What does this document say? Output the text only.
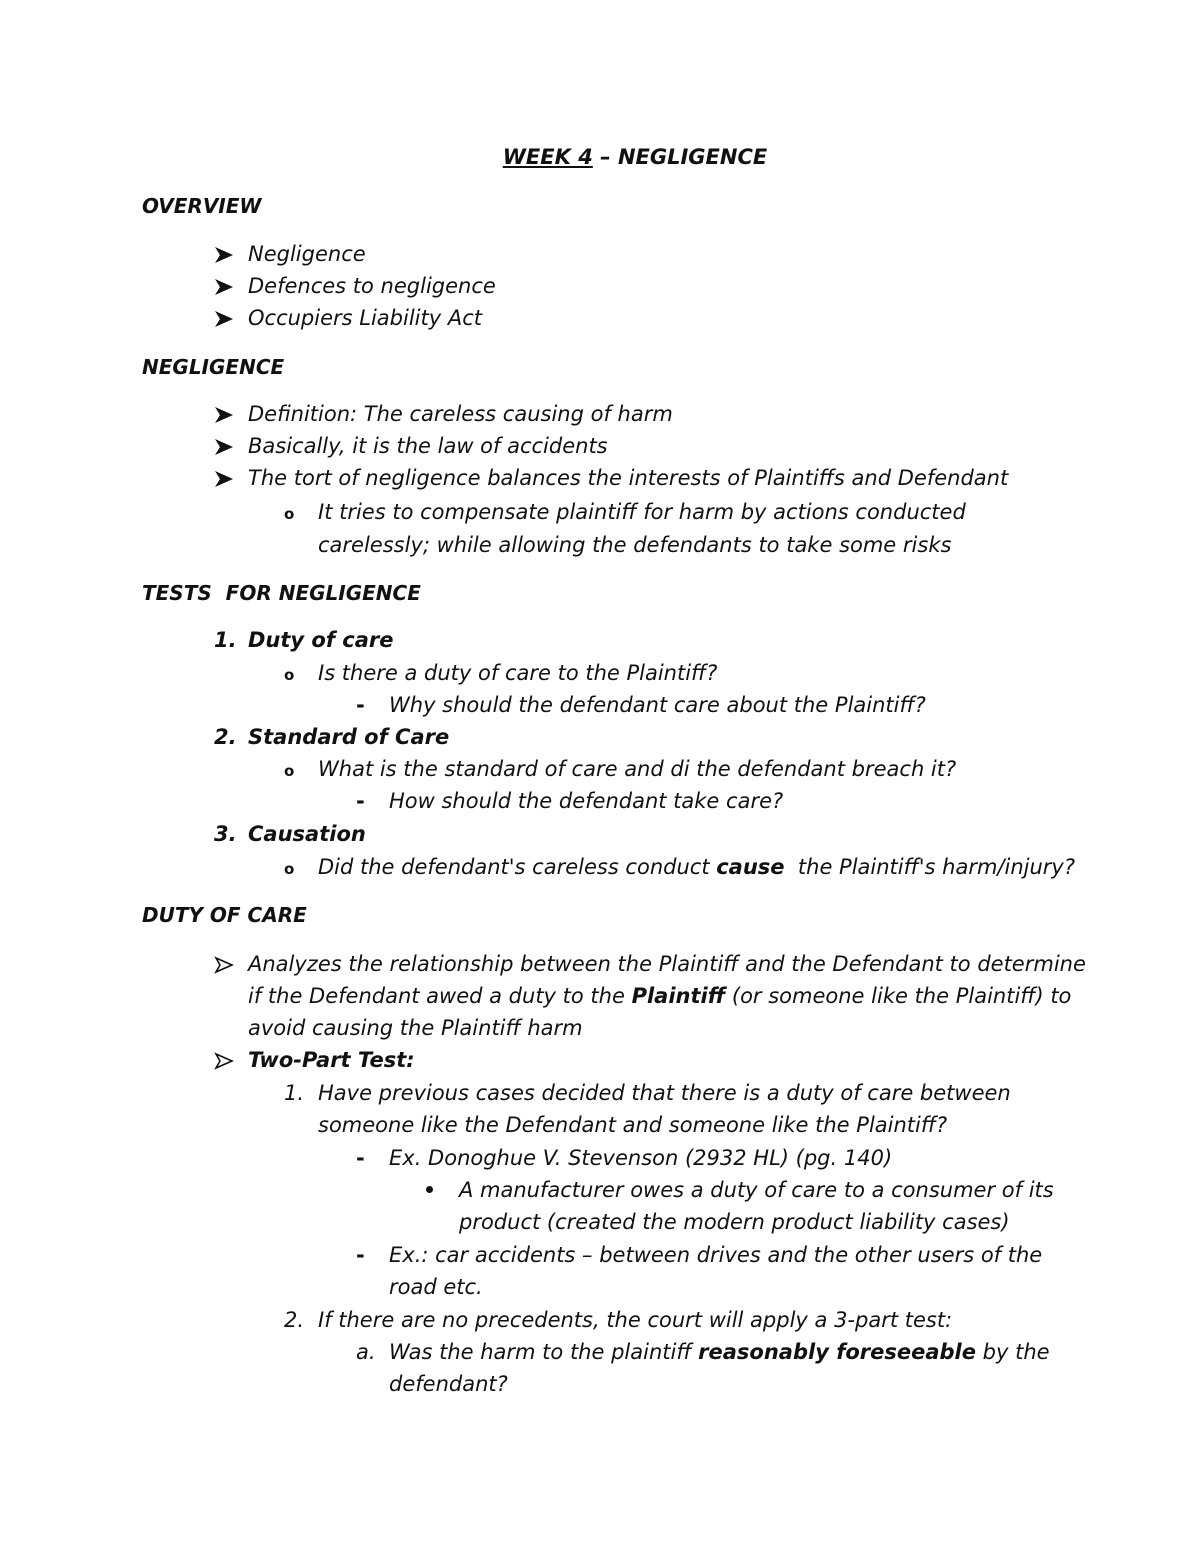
WEEK 4 – NEGLIGENCE
OVERVIEW
Negligence
Defences to negligence
Occupiers Liability Act
NEGLIGENCE
Definition: The careless causing of harm
Basically, it is the law of accidents
The tort of negligence balances the interests of Plaintiffs and Defendant
o It tries to compensate plaintiff for harm by actions conducted
carelessly; while allowing the defendants to take some risks
TESTS  FOR NEGLIGENCE
1. Duty of care
o Is there a duty of care to the Plaintiff?
- Why should the defendant care about the Plaintiff?
2. Standard of Care
o What is the standard of care and di the defendant breach it?
- How should the defendant take care?
3. Causation
o Did the defendant's careless conduct cause  the Plaintiff's harm/injury?
DUTY OF CARE
Analyzes the relationship between the Plaintiff and the Defendant to determine
if the Defendant awed a duty to the Plaintiff (or someone like the Plaintiff) to
avoid causing the Plaintiff harm
Two-Part Test:
1. Have previous cases decided that there is a duty of care between
someone like the Defendant and someone like the Plaintiff?
- Ex. Donoghue V. Stevenson (2932 HL) (pg. 140)
A manufacturer owes a duty of care to a consumer of its
product (created the modern product liability cases)
- Ex.: car accidents – between drives and the other users of the
road etc.
2. If there are no precedents, the court will apply a 3-part test:
a. Was the harm to the plaintiff reasonably foreseeable by the
defendant?
